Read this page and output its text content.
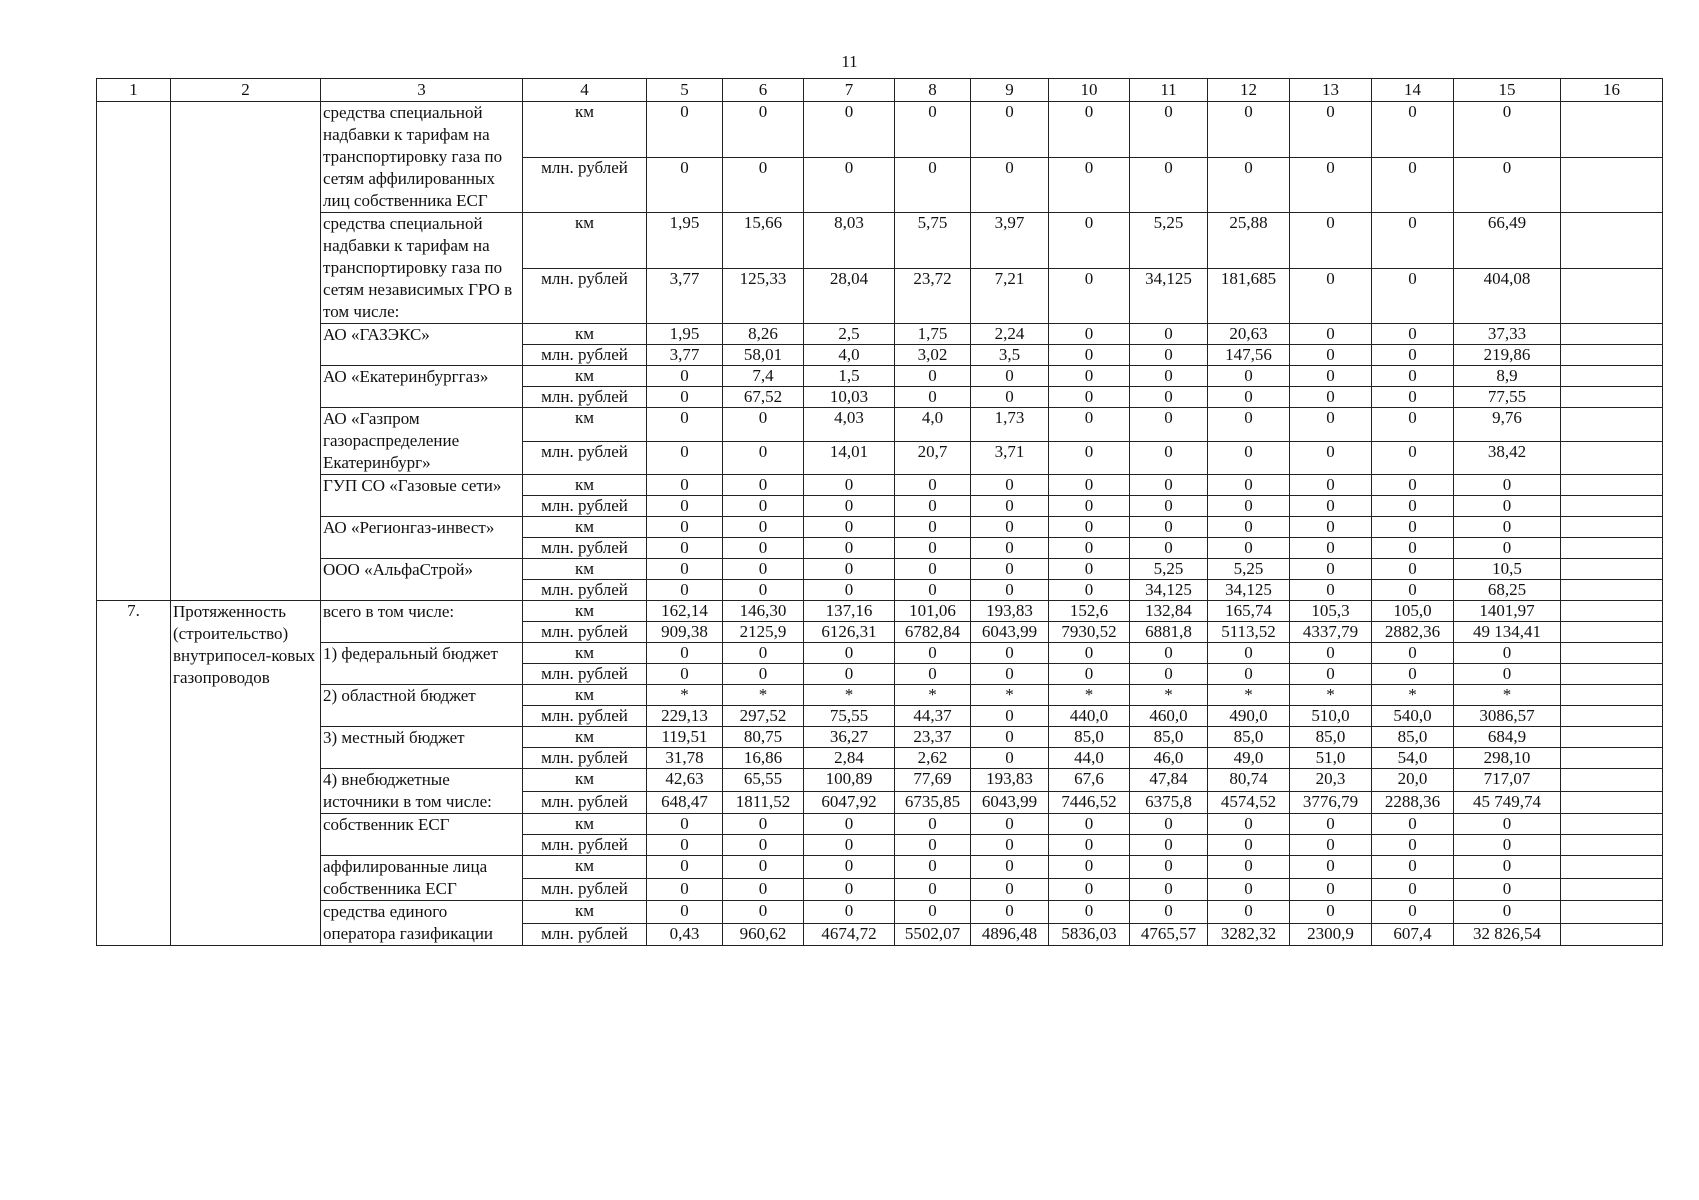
11
1	2	3	4	5	6	7	8	9	10	11	12	13	14	15	16
		средства специальной надбавки к тарифам на транспортировку газа по сетям аффилированных лиц собственника ЕСГ	км	0	0	0	0	0	0	0	0	0	0	0	
			млн. рублей	0	0	0	0	0	0	0	0	0	0	0	
		средства специальной надбавки к тарифам на транспортировку газа по сетям независимых ГРО в том числе:	км	1,95	15,66	8,03	5,75	3,97	0	5,25	25,88	0	0	66,49	
			млн. рублей	3,77	125,33	28,04	23,72	7,21	0	34,125	181,685	0	0	404,08	
		АО «ГАЗЭКС»	км	1,95	8,26	2,5	1,75	2,24	0	0	20,63	0	0	37,33	
			млн. рублей	3,77	58,01	4,0	3,02	3,5	0	0	147,56	0	0	219,86	
		АО «Екатеринбурггаз»	км	0	7,4	1,5	0	0	0	0	0	0	0	8,9	
			млн. рублей	0	67,52	10,03	0	0	0	0	0	0	0	77,55	
		АО «Газпром газораспределение Екатеринбург»	км	0	0	4,03	4,0	1,73	0	0	0	0	0	9,76	
			млн. рублей	0	0	14,01	20,7	3,71	0	0	0	0	0	38,42	
		ГУП СО «Газовые сети»	км	0	0	0	0	0	0	0	0	0	0	0	
			млн. рублей	0	0	0	0	0	0	0	0	0	0	0	
		АО «Регионгаз-инвест»	км	0	0	0	0	0	0	0	0	0	0	0	
			млн. рублей	0	0	0	0	0	0	0	0	0	0	0	
		ООО «АльфаСтрой»	км	0	0	0	0	0	0	5,25	5,25	0	0	10,5	
			млн. рублей	0	0	0	0	0	0	34,125	34,125	0	0	68,25	
7.	Протяженность (строительство) внутрипосел-ковых газопроводов	всего в том числе:	км	162,14	146,30	137,16	101,06	193,83	152,6	132,84	165,74	105,3	105,0	1401,97	
			млн. рублей	909,38	2125,9	6126,31	6782,84	6043,99	7930,52	6881,8	5113,52	4337,79	2882,36	49 134,41	
		1) федеральный бюджет	км	0	0	0	0	0	0	0	0	0	0	0	
			млн. рублей	0	0	0	0	0	0	0	0	0	0	0	
		2) областной бюджет	км	*	*	*	*	*	*	*	*	*	*	*	
			млн. рублей	229,13	297,52	75,55	44,37	0	440,0	460,0	490,0	510,0	540,0	3086,57	
		3) местный бюджет	км	119,51	80,75	36,27	23,37	0	85,0	85,0	85,0	85,0	85,0	684,9	
			млн. рублей	31,78	16,86	2,84	2,62	0	44,0	46,0	49,0	51,0	54,0	298,10	
		4) внебюджетные источники в том числе:	км	42,63	65,55	100,89	77,69	193,83	67,6	47,84	80,74	20,3	20,0	717,07	
			млн. рублей	648,47	1811,52	6047,92	6735,85	6043,99	7446,52	6375,8	4574,52	3776,79	2288,36	45 749,74	
		собственник ЕСГ	км	0	0	0	0	0	0	0	0	0	0	0	
			млн. рублей	0	0	0	0	0	0	0	0	0	0	0	
		аффилированные лица собственника ЕСГ	км	0	0	0	0	0	0	0	0	0	0	0	
			млн. рублей	0	0	0	0	0	0	0	0	0	0	0	
		средства единого оператора газификации	км	0	0	0	0	0	0	0	0	0	0	0	
			млн. рублей	0,43	960,62	4674,72	5502,07	4896,48	5836,03	4765,57	3282,32	2300,9	607,4	32 826,54	
